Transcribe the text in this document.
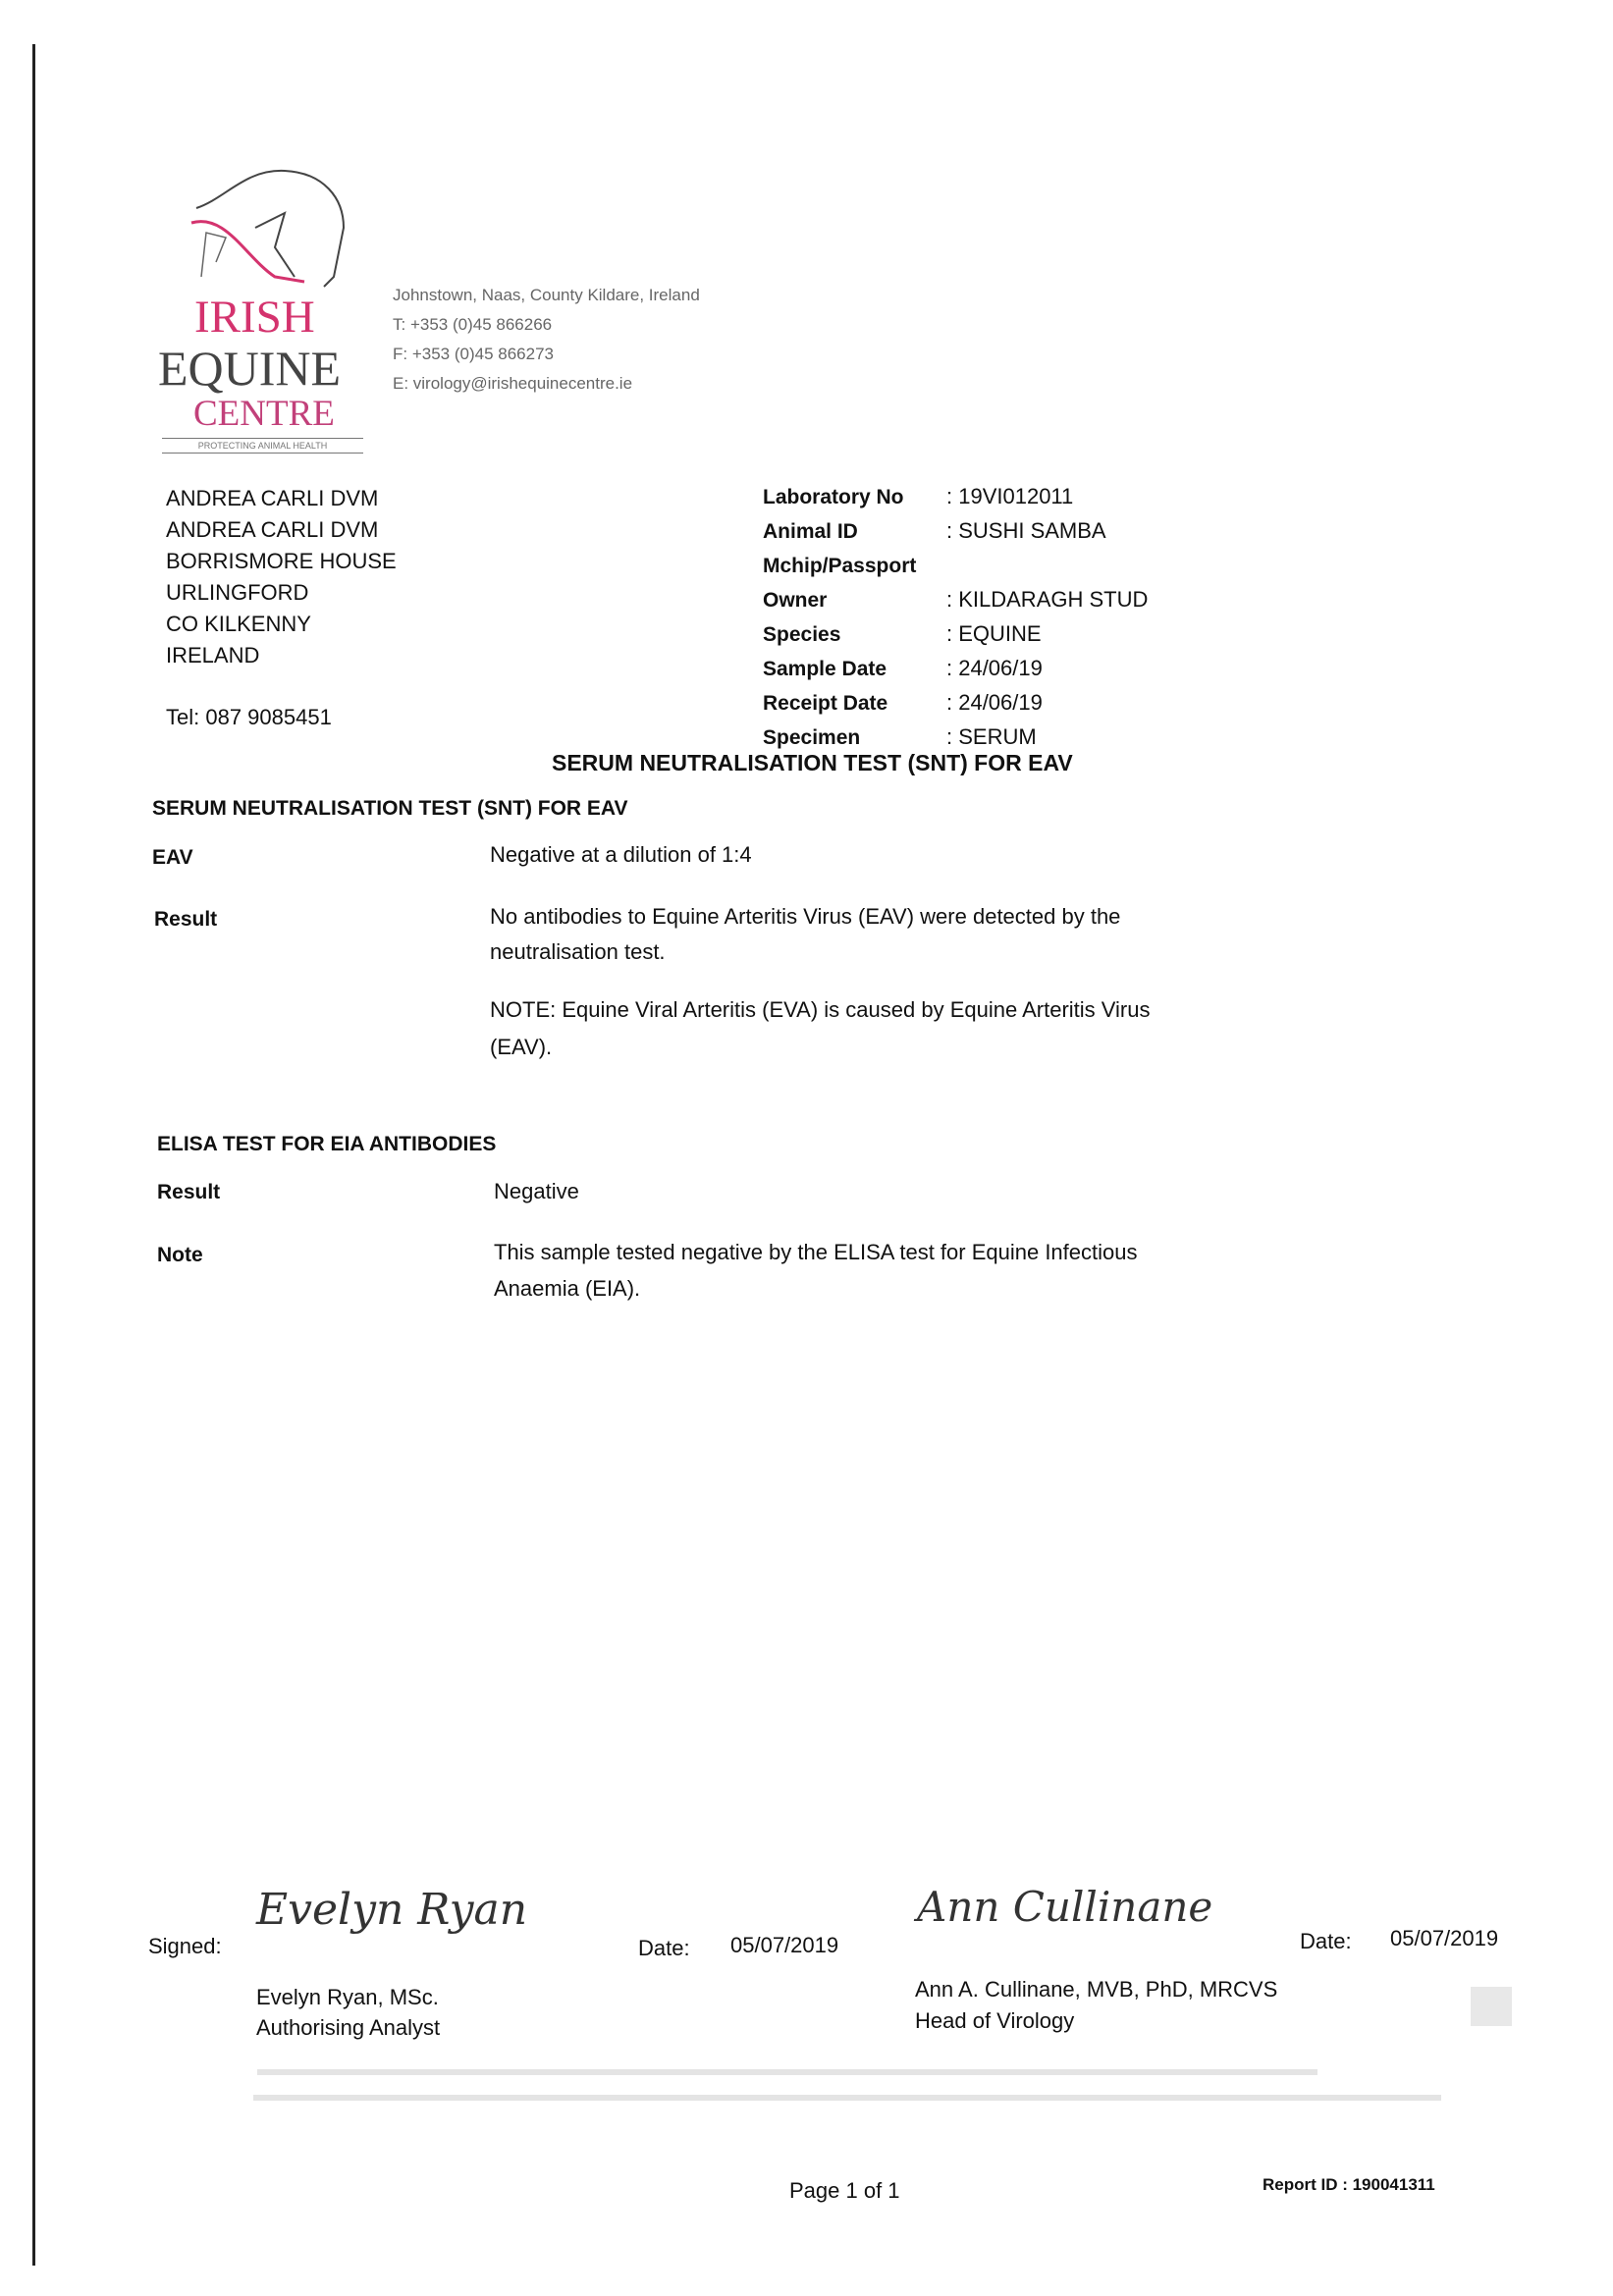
IRISH
EQUINE
CENTRE
PROTECTING ANIMAL HEALTH
Johnstown, Naas, County Kildare, Ireland
T: +353 (0)45 866266
F: +353 (0)45 866273
E: virology@irishequinecentre.ie
ANDREA CARLI DVM
ANDREA CARLI DVM
BORRISMORE HOUSE
URLINGFORD
CO KILKENNY
IRELAND
Tel: 087 9085451
Laboratory No : 19VI012011
Animal ID	: SUSHI SAMBA
Mchip/Passport
Owner	: KILDARAGH STUD
Species	: EQUINE
Sample Date	: 24/06/19
Receipt Date	: 24/06/19
Specimen	: SERUM
SERUM NEUTRALISATION TEST (SNT) FOR EAV
SERUM NEUTRALISATION TEST (SNT) FOR EAV
EAV	Negative at a dilution of 1:4
Result	No antibodies to Equine Arteritis Virus (EAV) were detected by the
neutralisation test.
NOTE: Equine Viral Arteritis (EVA) is caused by Equine Arteritis Virus
(EAV).
ELISA TEST FOR EIA ANTIBODIES
Result	Negative
Note	This sample tested negative by the ELISA test for Equine Infectious
Anaemia (EIA).
Signed:
Evelyn Ryan
Date: 05/07/2019
Ann Cullinane
Date: 05/07/2019
Evelyn Ryan, MSc.
Authorising Analyst
Ann A. Cullinane, MVB, PhD, MRCVS
Head of Virology
Page 1 of 1	Report ID : 190041311
